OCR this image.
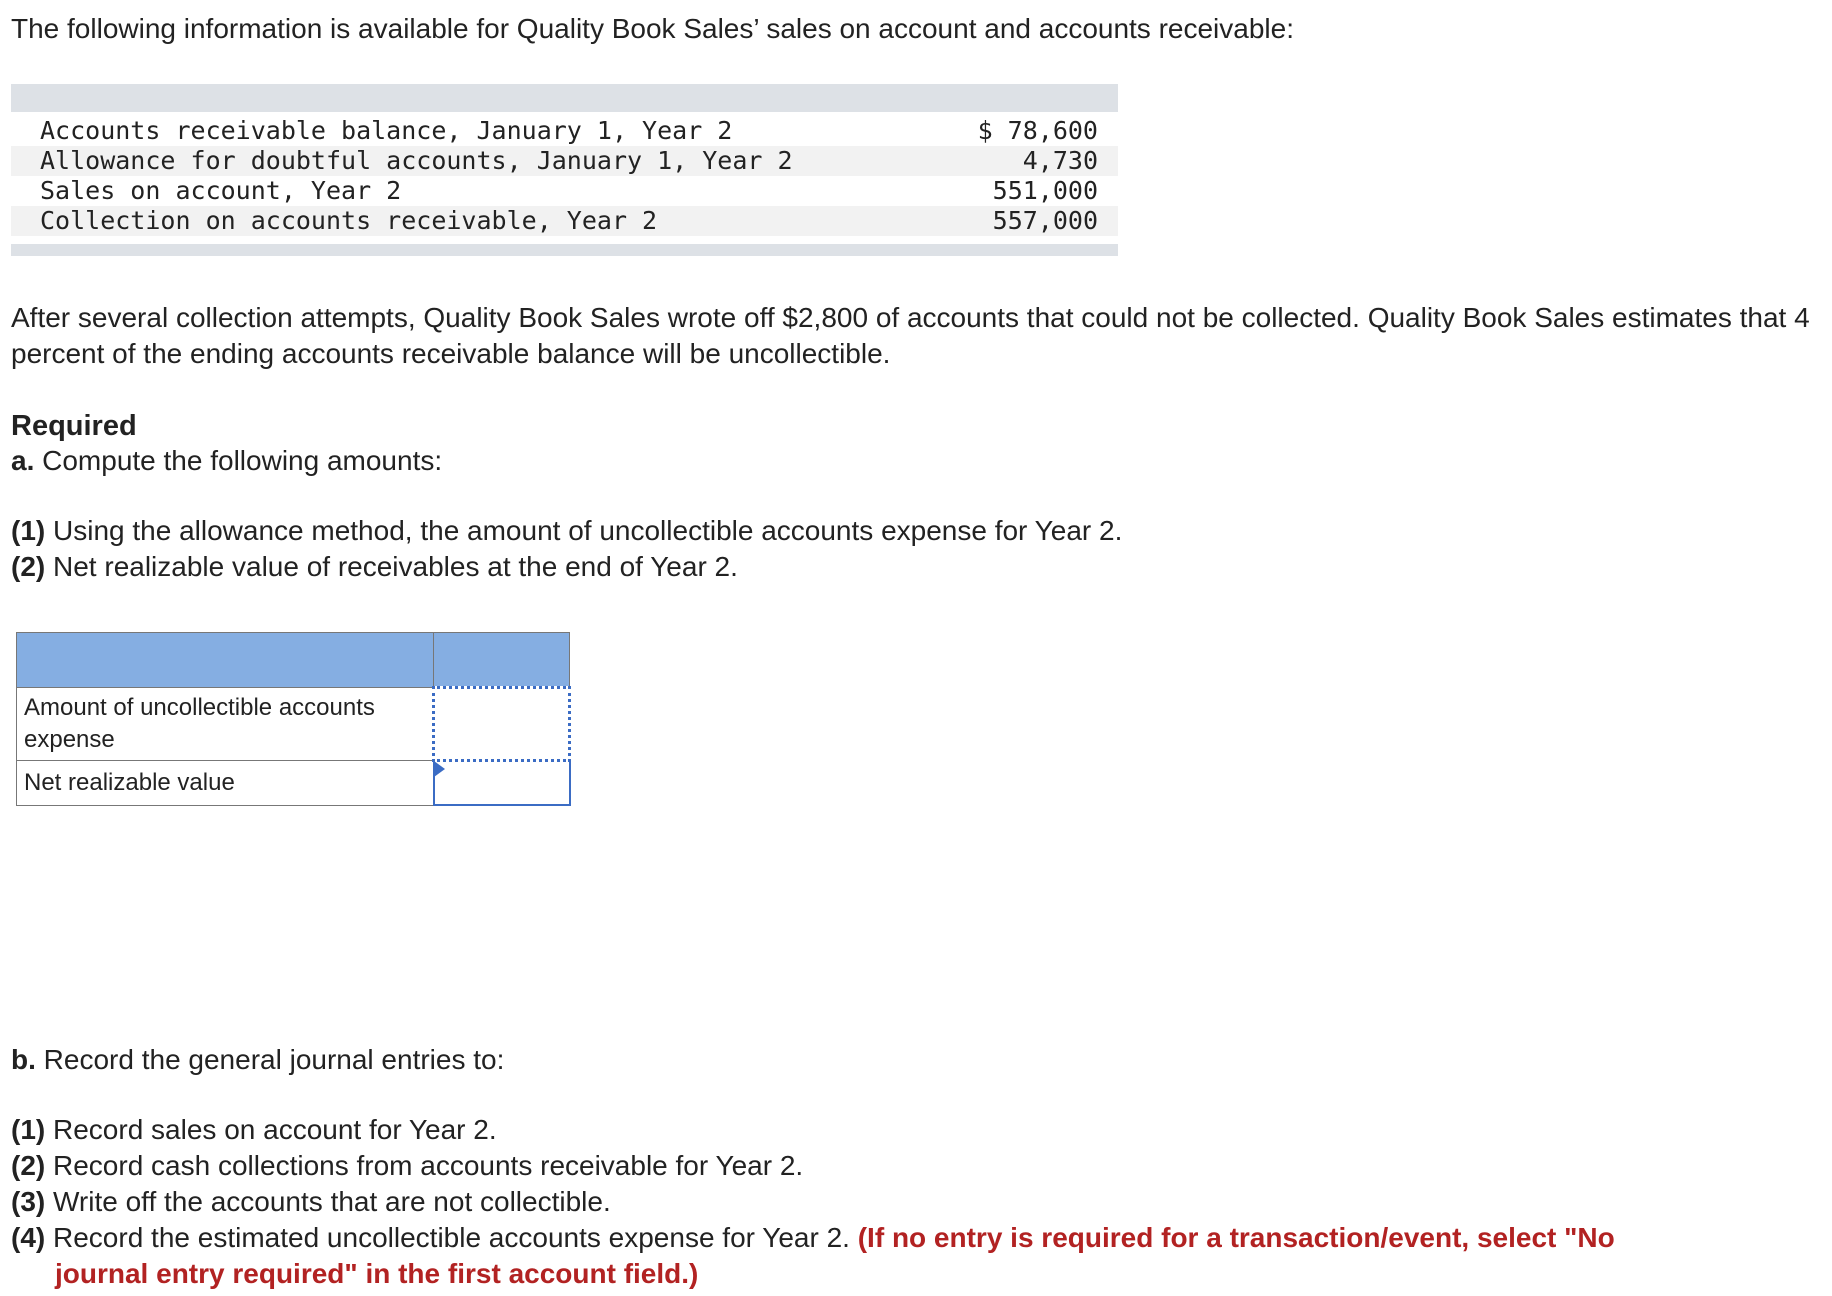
The following information is available for Quality Book Sales’ sales on account and accounts receivable:

Accounts receivable balance, January 1, Year 2	$ 78,600
Allowance for doubtful accounts, January 1, Year 2	4,730
Sales on account, Year 2	551,000
Collection on accounts receivable, Year 2	557,000

After several collection attempts, Quality Book Sales wrote off $2,800 of accounts that could not be collected. Quality Book Sales estimates that 4 percent of the ending accounts receivable balance will be uncollectible.

Required
a. Compute the following amounts:
(1) Using the allowance method, the amount of uncollectible accounts expense for Year 2.
(2) Net realizable value of receivables at the end of Year 2.

Amount of uncollectible accounts expense	

Net realizable value	
b. Record the general journal entries to:
(1) Record sales on account for Year 2.
(2) Record cash collections from accounts receivable for Year 2.
(3) Write off the accounts that are not collectible.
(4) Record the estimated uncollectible accounts expense for Year 2. (If no entry is required for a transaction/event, select "No
journal entry required" in the first account field.)
